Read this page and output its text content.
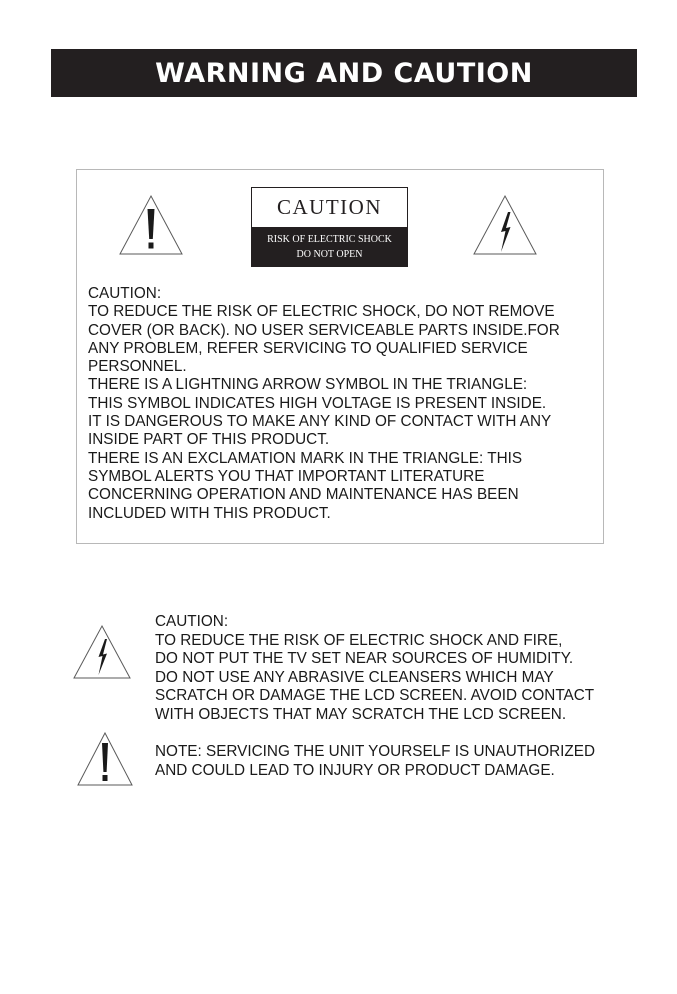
WARNING AND CAUTION
CAUTION
RISK OF ELECTRIC SHOCK
DO NOT OPEN
CAUTION:
TO REDUCE THE RISK OF ELECTRIC SHOCK, DO NOT REMOVE
COVER (OR BACK). NO USER SERVICEABLE PARTS INSIDE.FOR
ANY PROBLEM, REFER SERVICING TO QUALIFIED SERVICE
PERSONNEL.
THERE IS A LIGHTNING ARROW SYMBOL IN THE TRIANGLE:
THIS SYMBOL INDICATES HIGH VOLTAGE IS PRESENT INSIDE.
IT IS DANGEROUS TO MAKE ANY KIND OF CONTACT WITH ANY
INSIDE PART OF THIS PRODUCT.
THERE IS AN EXCLAMATION MARK IN THE TRIANGLE: THIS
SYMBOL ALERTS YOU THAT IMPORTANT LITERATURE
CONCERNING OPERATION AND MAINTENANCE HAS BEEN
INCLUDED WITH THIS PRODUCT.
CAUTION:
TO REDUCE THE RISK OF ELECTRIC SHOCK AND FIRE,
DO NOT PUT THE TV SET NEAR SOURCES OF HUMIDITY.
DO NOT USE ANY ABRASIVE CLEANSERS WHICH MAY
SCRATCH OR DAMAGE THE LCD SCREEN. AVOID CONTACT
WITH OBJECTS THAT MAY SCRATCH THE LCD SCREEN.
NOTE: SERVICING THE UNIT YOURSELF IS UNAUTHORIZED
AND COULD LEAD TO INJURY OR PRODUCT DAMAGE.
